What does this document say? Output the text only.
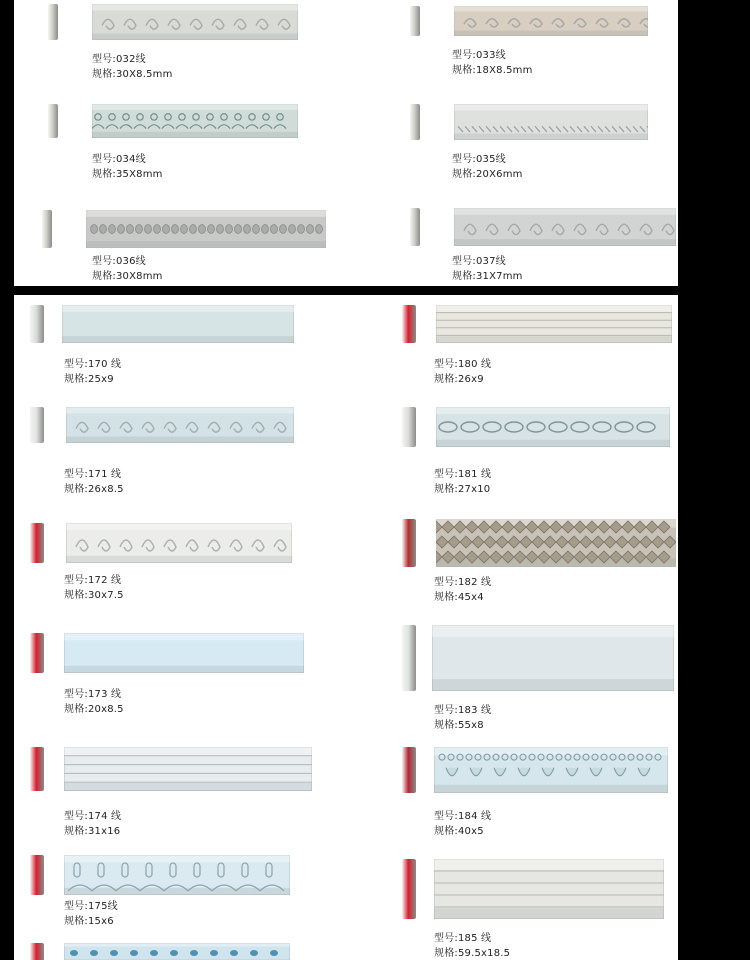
型号:032线
规格:30X8.5mm
型号:033线
规格:18X8.5mm
型号:034线
规格:35X8mm
型号:035线
规格:20X6mm
型号:036线
规格:30X8mm
型号:037线
规格:31X7mm
型号:170 线
规格:25x9
型号:180 线
规格:26x9
型号:171 线
规格:26x8.5
型号:181 线
规格:27x10
型号:172 线
规格:30x7.5
型号:182 线
规格:45x4
型号:173 线
规格:20x8.5	型号:183 线
规格:55x8
型号:174 线
规格:31x16
型号:184 线
规格:40x5
型号:175线
规格:15x6
型号:185 线
规格:59.5x18.5
